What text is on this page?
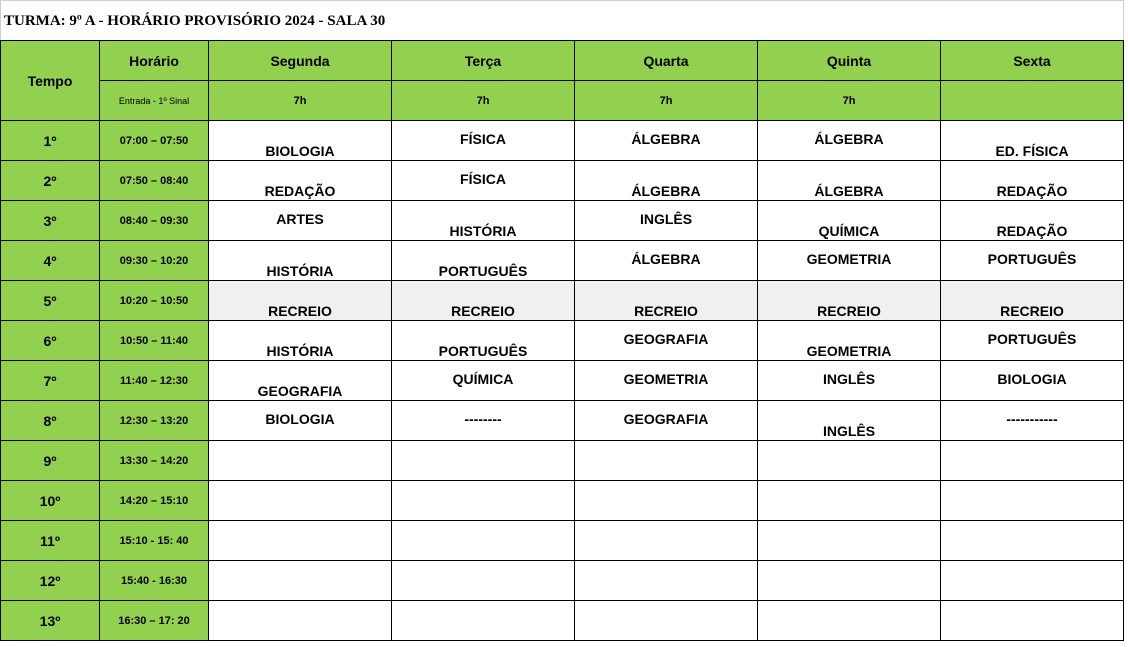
TURMA: 9º A - HORÁRIO PROVISÓRIO 2024 - SALA 30
Tempo	Horário	Segunda	Terça	Quarta	Quinta	Sexta
	Entrada - 1º Sinal	7h	7h	7h	7h	
1º	07:00 – 07:50	BIOLOGIA	FÍSICA	ÁLGEBRA	ÁLGEBRA	ED. FÍSICA

2º	07:50 – 08:40	REDAÇÃO	FÍSICA	ÁLGEBRA	ÁLGEBRA	REDAÇÃO

3º	08:40 – 09:30	ARTES	HISTÓRIA	INGLÊS	QUÍMICA	REDAÇÃO

4º	09:30 – 10:20	HISTÓRIA	PORTUGUÊS	ÁLGEBRA	GEOMETRIA	PORTUGUÊS

5º	10:20 – 10:50	RECREIO	RECREIO	RECREIO	RECREIO	RECREIO

6º	10:50 – 11:40	HISTÓRIA	PORTUGUÊS	GEOGRAFIA	GEOMETRIA	PORTUGUÊS

7º	11:40 – 12:30	GEOGRAFIA	QUÍMICA	GEOMETRIA	INGLÊS	BIOLOGIA

8º	12:30 – 13:20	BIOLOGIA	--------	GEOGRAFIA	INGLÊS	-----------

9º	13:30 – 14:20	

10º	14:20 – 15:10	

11º	15:10 - 15: 40	

12º	15:40 - 16:30	

13º	16:30 – 17: 20	
